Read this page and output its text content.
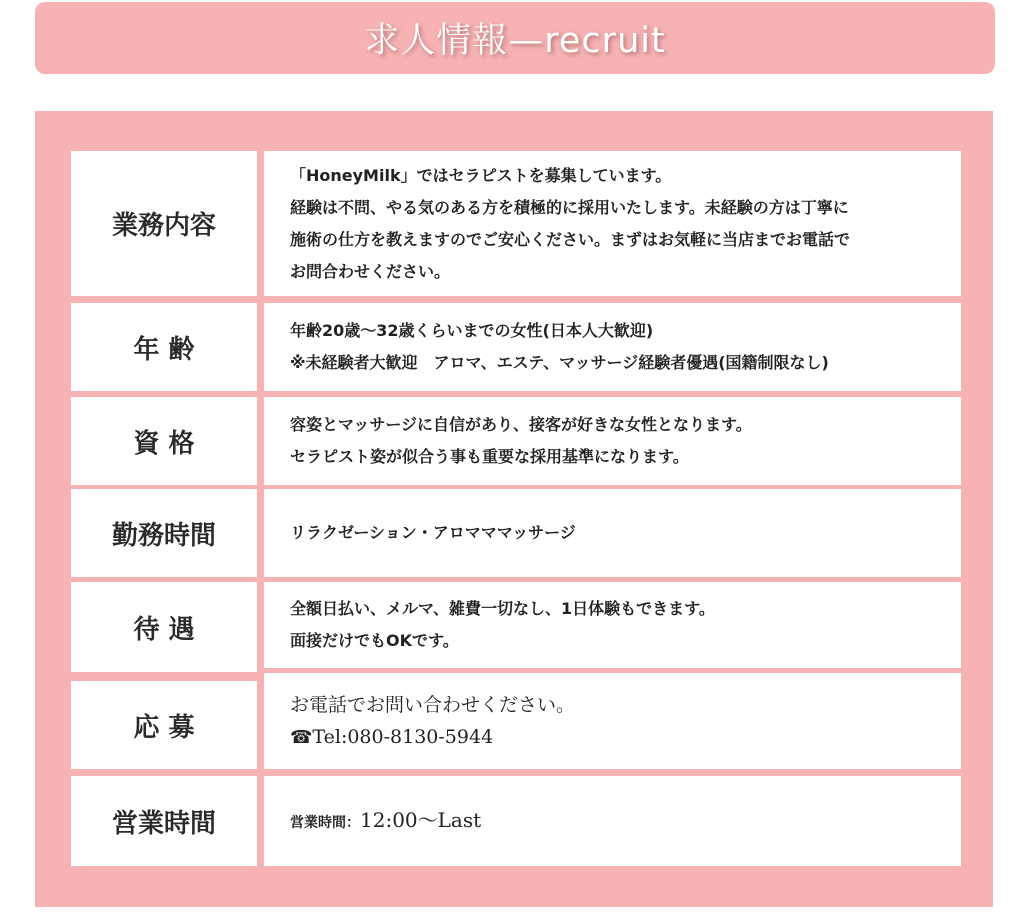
求人情報—recruit
業務内容

「HoneyMilk」ではセラピストを募集しています。

経験は不問、やる気のある方を積極的に採用いたします。未経験の方は丁寧に

施術の仕方を教えますのでご安心ください。まずはお気軽に当店までお電話で

お問合わせください。

年 齢

年齢20歳～32歳くらいまでの女性(日本人大歓迎)

※未経験者大歓迎　アロマ、エステ、マッサージ経験者優遇(国籍制限なし)

資 格

容姿とマッサージに自信があり、接客が好きな女性となります。

セラピスト姿が似合う事も重要な採用基準になります。

勤務時間	リラクゼーション・アロマママッサージ

待 遇

全額日払い、メルマ、雑費一切なし、1日体験もできます。

面接だけでもOKです。

応 募

お電話でお問い合わせください。

☎Tel:080-8130-5944

営業時間	営業時間：12:00～Last
